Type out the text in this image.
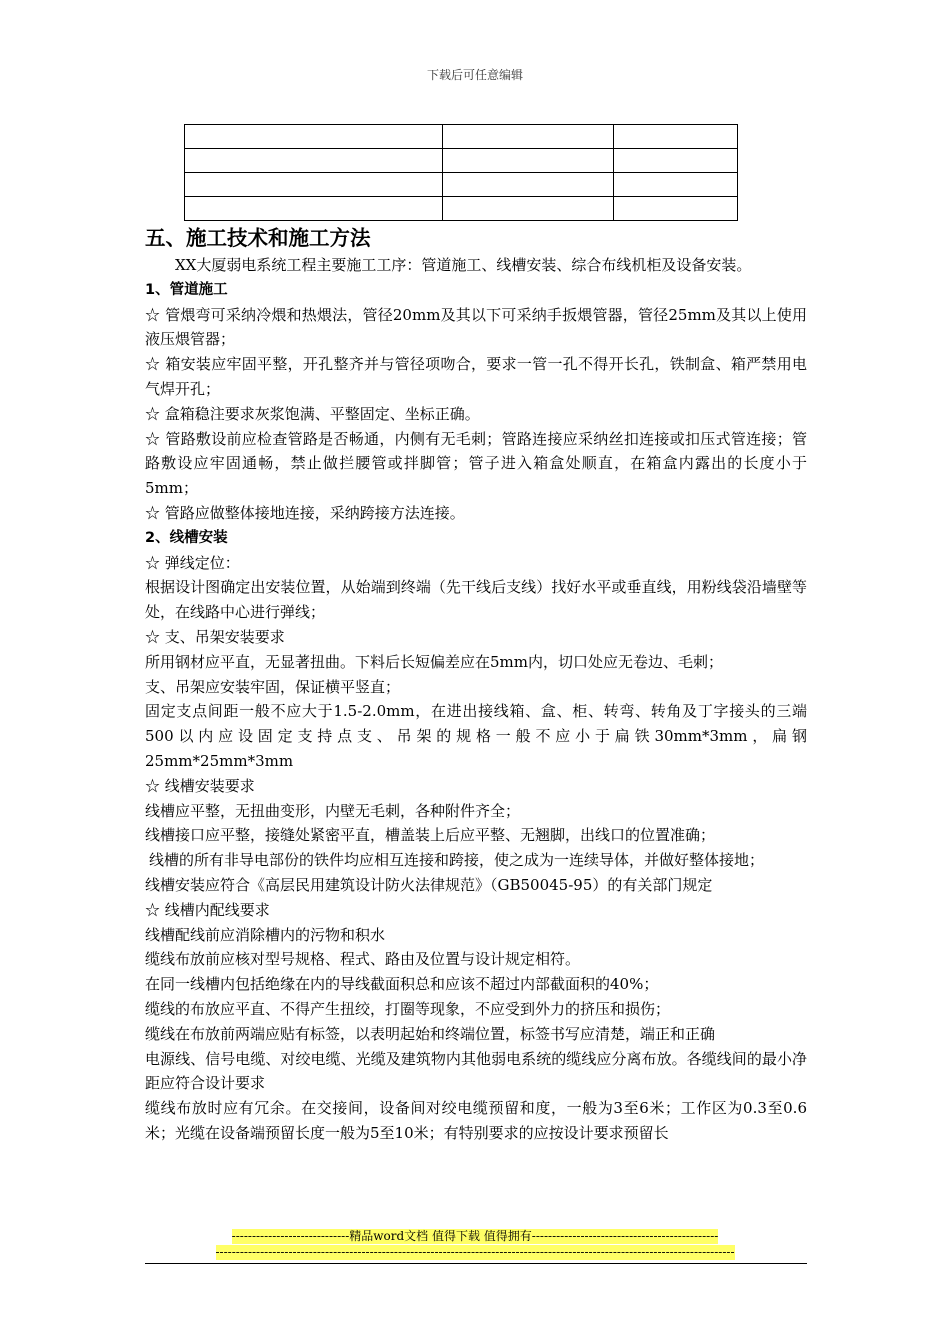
下载后可任意编辑

五、施工技术和施工方法

XX大厦弱电系统工程主要施工工序：管道施工、线槽安装、综合布线机柜及设备安装。

1、管道施工

☆ 管煨弯可采纳冷煨和热煨法，管径20mm及其以下可采纳手扳煨管器，管径25mm及其以上使用液压煨管器；

☆ 箱安装应牢固平整，开孔整齐并与管径项吻合，要求一管一孔不得开长孔，铁制盒、箱严禁用电气焊开孔；

☆ 盒箱稳注要求灰浆饱满、平整固定、坐标正确。

☆ 管路敷设前应检查管路是否畅通，内侧有无毛刺；管路连接应采纳丝扣连接或扣压式管连接；管路敷设应牢固通畅，禁止做拦腰管或拌脚管；管子进入箱盒处顺直，在箱盒内露出的长度小于5mm；

☆ 管路应做整体接地连接，采纳跨接方法连接。

2、线槽安装

☆ 弹线定位：

根据设计图确定出安装位置，从始端到终端（先干线后支线）找好水平或垂直线，用粉线袋沿墙壁等处，在线路中心进行弹线；

☆ 支、吊架安装要求

所用钢材应平直，无显著扭曲。下料后长短偏差应在5mm内，切口处应无卷边、毛刺；

支、吊架应安装牢固，保证横平竖直；

固定支点间距一般不应大于1.5-2.0mm，在进出接线箱、盒、柜、转弯、转角及丁字接头的三端500以内应设固定支持点支、吊架的规格一般不应小于扁铁30mm*3mm，扁钢25mm*25mm*3mm

☆ 线槽安装要求

线槽应平整，无扭曲变形，内壁无毛刺，各种附件齐全；

线槽接口应平整，接缝处紧密平直，槽盖装上后应平整、无翘脚，出线口的位置准确；

线槽的所有非导电部份的铁件均应相互连接和跨接，使之成为一连续导体，并做好整体接地；

线槽安装应符合《高层民用建筑设计防火法律规范》（GB50045-95）的有关部门规定

☆ 线槽内配线要求

线槽配线前应消除槽内的污物和积水

缆线布放前应核对型号规格、程式、路由及位置与设计规定相符。

在同一线槽内包括绝缘在内的导线截面积总和应该不超过内部截面积的40%；

缆线的布放应平直、不得产生扭绞，打圈等现象，不应受到外力的挤压和损伤；

缆线在布放前两端应贴有标签，以表明起始和终端位置，标签书写应清楚，端正和正确

电源线、信号电缆、对绞电缆、光缆及建筑物内其他弱电系统的缆线应分离布放。各缆线间的最小净距应符合设计要求

缆线布放时应有冗余。在交接间，设备间对绞电缆预留和度，一般为3至6米；工作区为0.3至0.6米；光缆在设备端预留长度一般为5至10米；有特别要求的应按设计要求预留长

-----------------------------精品word文档 值得下载 值得拥有----------------------------------------------
--------------------------------------------------------------------------------------------------------------------------------
